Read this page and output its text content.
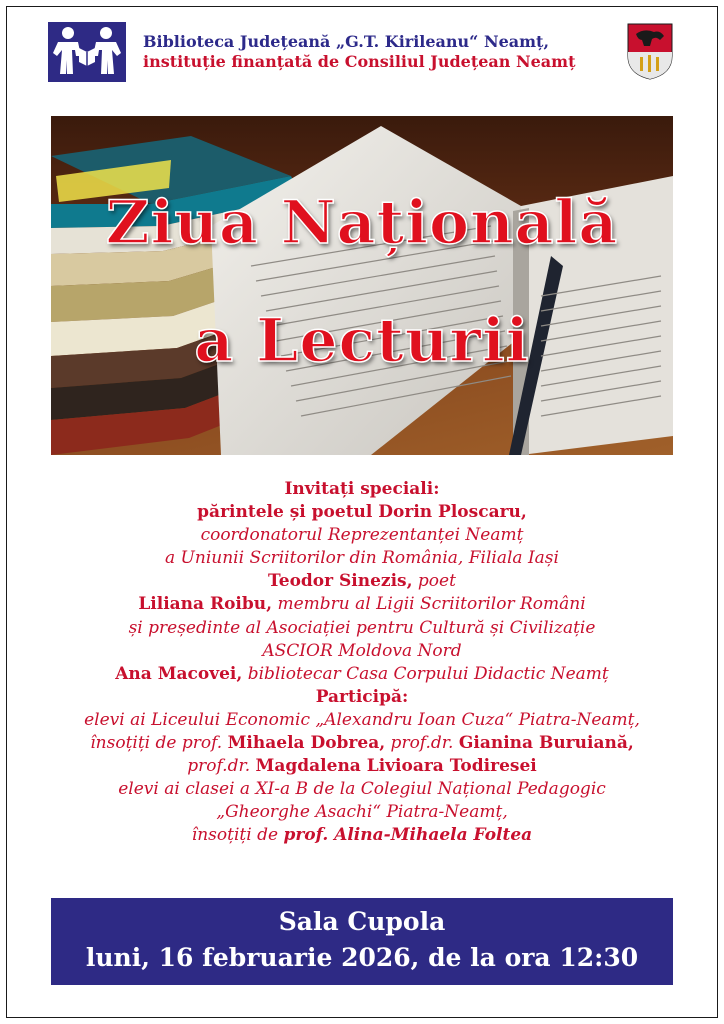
Biblioteca Județeană „G.T. Kirileanu“ Neamț,
instituție finanțată de Consiliul Județean Neamț
Ziua Națională
a Lecturii
Invitați speciali:
părintele și poetul Dorin Ploscaru,
coordonatorul Reprezentanței Neamț
a Uniunii Scriitorilor din România, Filiala Iași
Teodor Sinezis, poet
Liliana Roibu, membru al Ligii Scriitorilor Români
și președinte al Asociației pentru Cultură și Civilizație
ASCIOR Moldova Nord
Ana Macovei, bibliotecar Casa Corpului Didactic Neamț
Participă:
elevi ai Liceului Economic „Alexandru Ioan Cuza“ Piatra-Neamț,
însoțiți de prof. Mihaela Dobrea, prof.dr. Gianina Buruiană,
prof.dr. Magdalena Livioara Todiresei
elevi ai clasei a XI-a B de la Colegiul Național Pedagogic
„Gheorghe Asachi“ Piatra-Neamț,
însoțiți de prof. Alina-Mihaela Foltea
Sala Cupola
luni, 16 februarie 2026, de la ora 12:30
